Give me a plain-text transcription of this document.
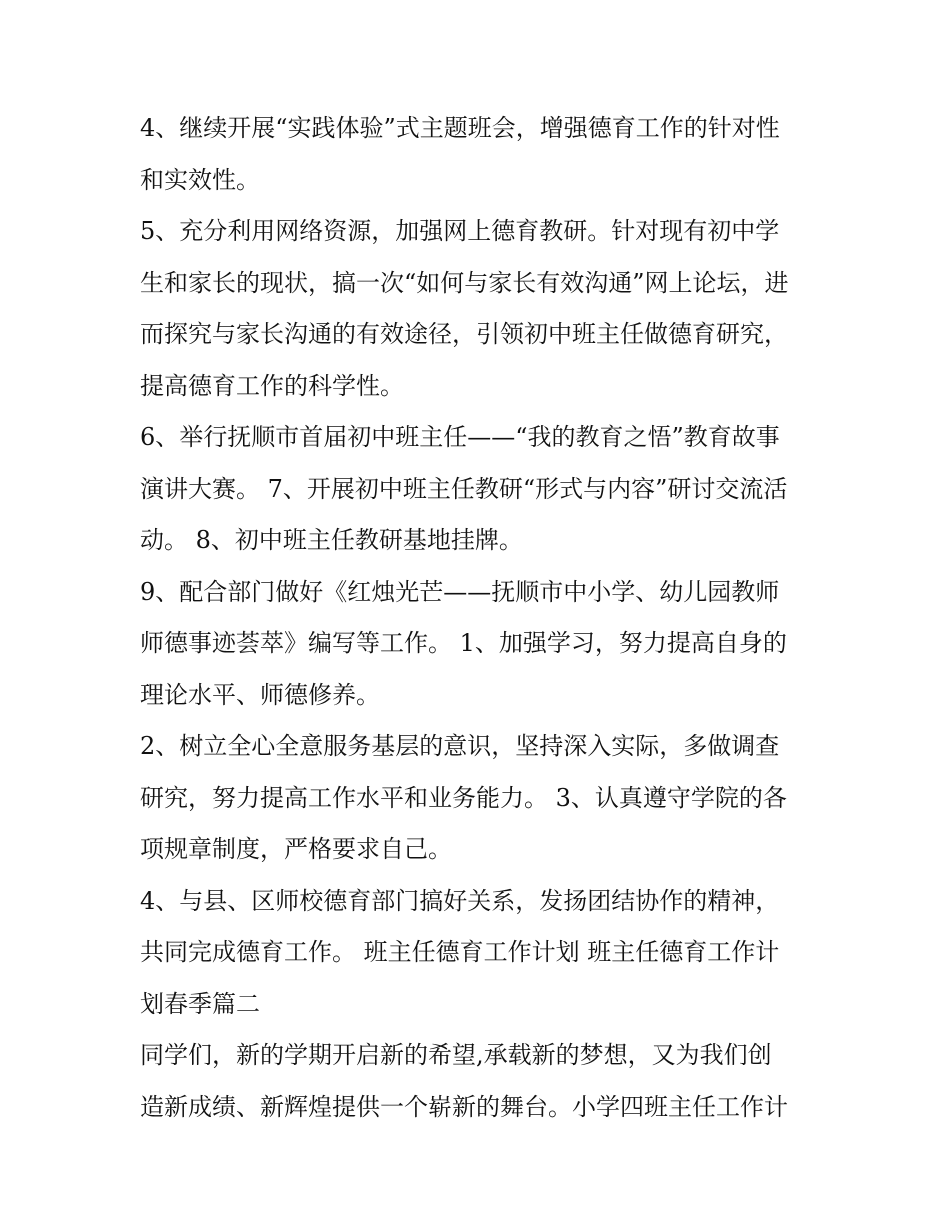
4、继续开展“实践体验”式主题班会，增强德育工作的针对性

和实效性。

5、充分利用网络资源，加强网上德育教研。针对现有初中学

生和家长的现状，搞一次“如何与家长有效沟通”网上论坛，进

而探究与家长沟通的有效途径，引领初中班主任做德育研究，

提高德育工作的科学性。

6、举行抚顺市首届初中班主任——“我的教育之悟”教育故事

演讲大赛。 7、开展初中班主任教研“形式与内容”研讨交流活

动。 8、初中班主任教研基地挂牌。

9、配合部门做好《红烛光芒——抚顺市中小学、幼儿园教师

师德事迹荟萃》编写等工作。 1、加强学习，努力提高自身的

理论水平、师德修养。

2、树立全心全意服务基层的意识，坚持深入实际，多做调查

研究，努力提高工作水平和业务能力。 3、认真遵守学院的各

项规章制度，严格要求自己。

4、与县、区师校德育部门搞好关系，发扬团结协作的精神，

共同完成德育工作。 班主任德育工作计划 班主任德育工作计

划春季篇二

同学们，新的学期开启新的希望,承载新的梦想，又为我们创

造新成绩、新辉煌提供一个崭新的舞台。小学四班主任工作计
